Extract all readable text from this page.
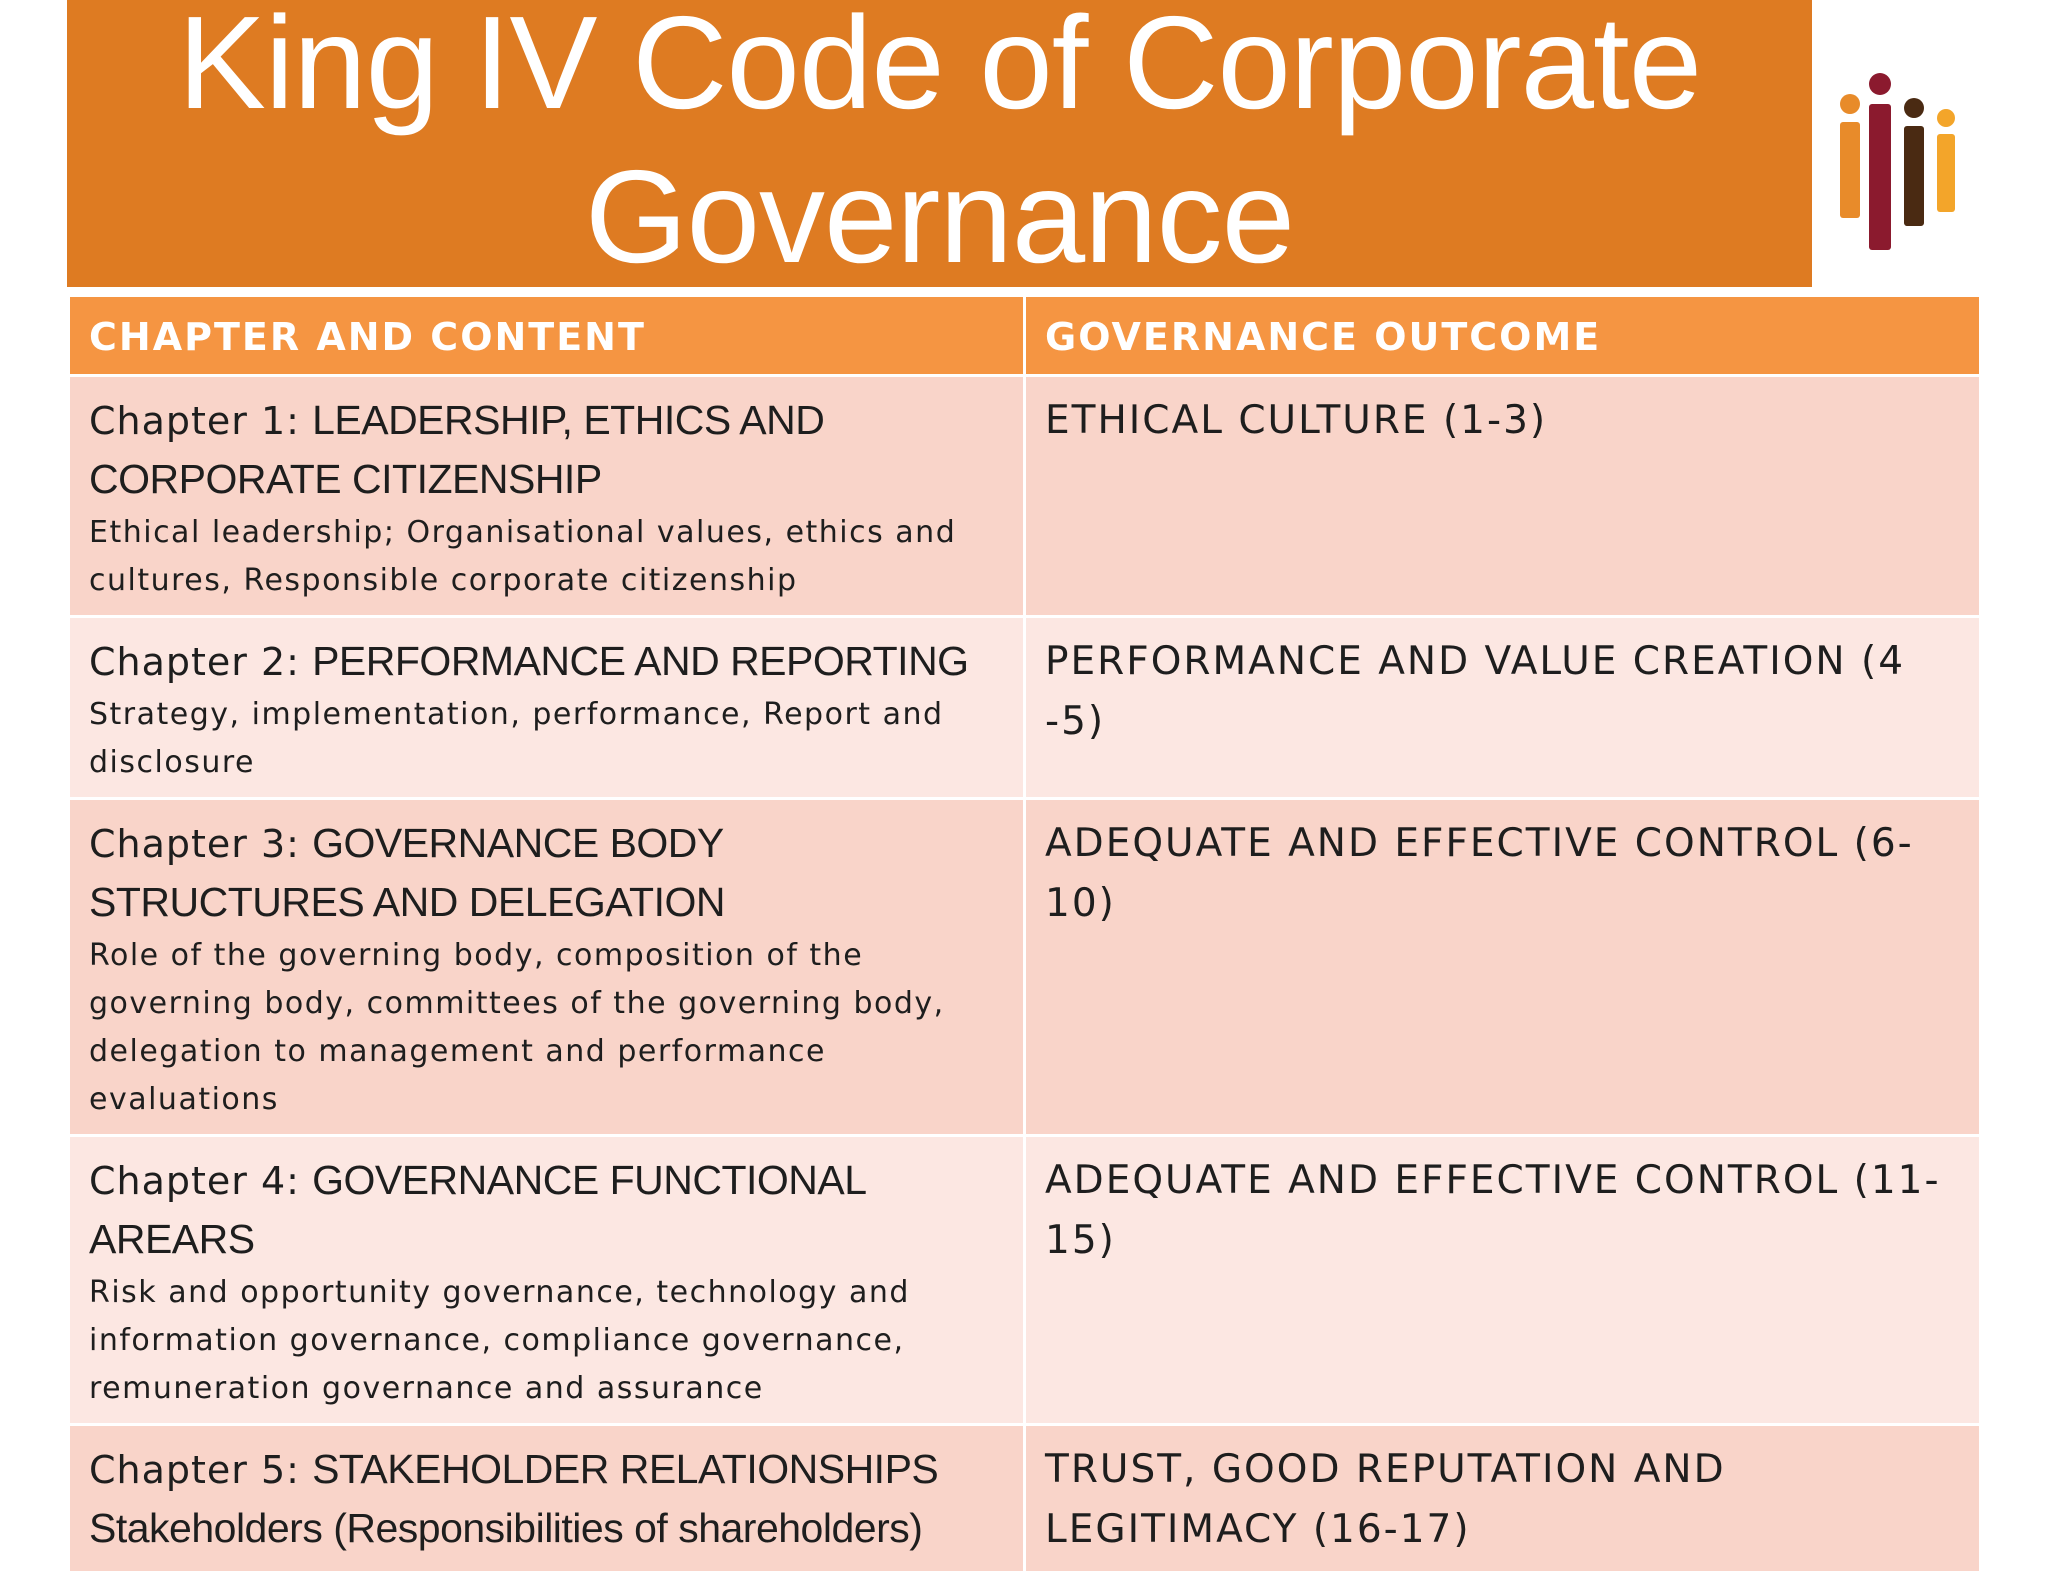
King IV Code of Corporate
Governance
CHAPTER AND CONTENT	GOVERNANCE OUTCOME

Chapter 1: LEADERSHIP, ETHICS AND CORPORATE CITIZENSHIP
Ethical leadership; Organisational values, ethics and cultures, Responsible corporate citizenship	ETHICAL CULTURE (1-3)

Chapter 2: PERFORMANCE AND REPORTING
Strategy, implementation, performance, Report and disclosure	PERFORMANCE AND VALUE CREATION (4 -5)

Chapter 3: GOVERNANCE BODY STRUCTURES AND DELEGATION
Role of the governing body, composition of the governing body, committees of the governing body, delegation to management and performance evaluations	ADEQUATE AND EFFECTIVE CONTROL (6-10)

Chapter 4: GOVERNANCE FUNCTIONAL AREARS
Risk and opportunity governance, technology and information governance, compliance governance, remuneration governance and assurance	ADEQUATE AND EFFECTIVE CONTROL (11- 15)

Chapter 5: STAKEHOLDER RELATIONSHIPS
Stakeholders (Responsibilities of shareholders)	TRUST, GOOD REPUTATION AND LEGITIMACY (16-17)
